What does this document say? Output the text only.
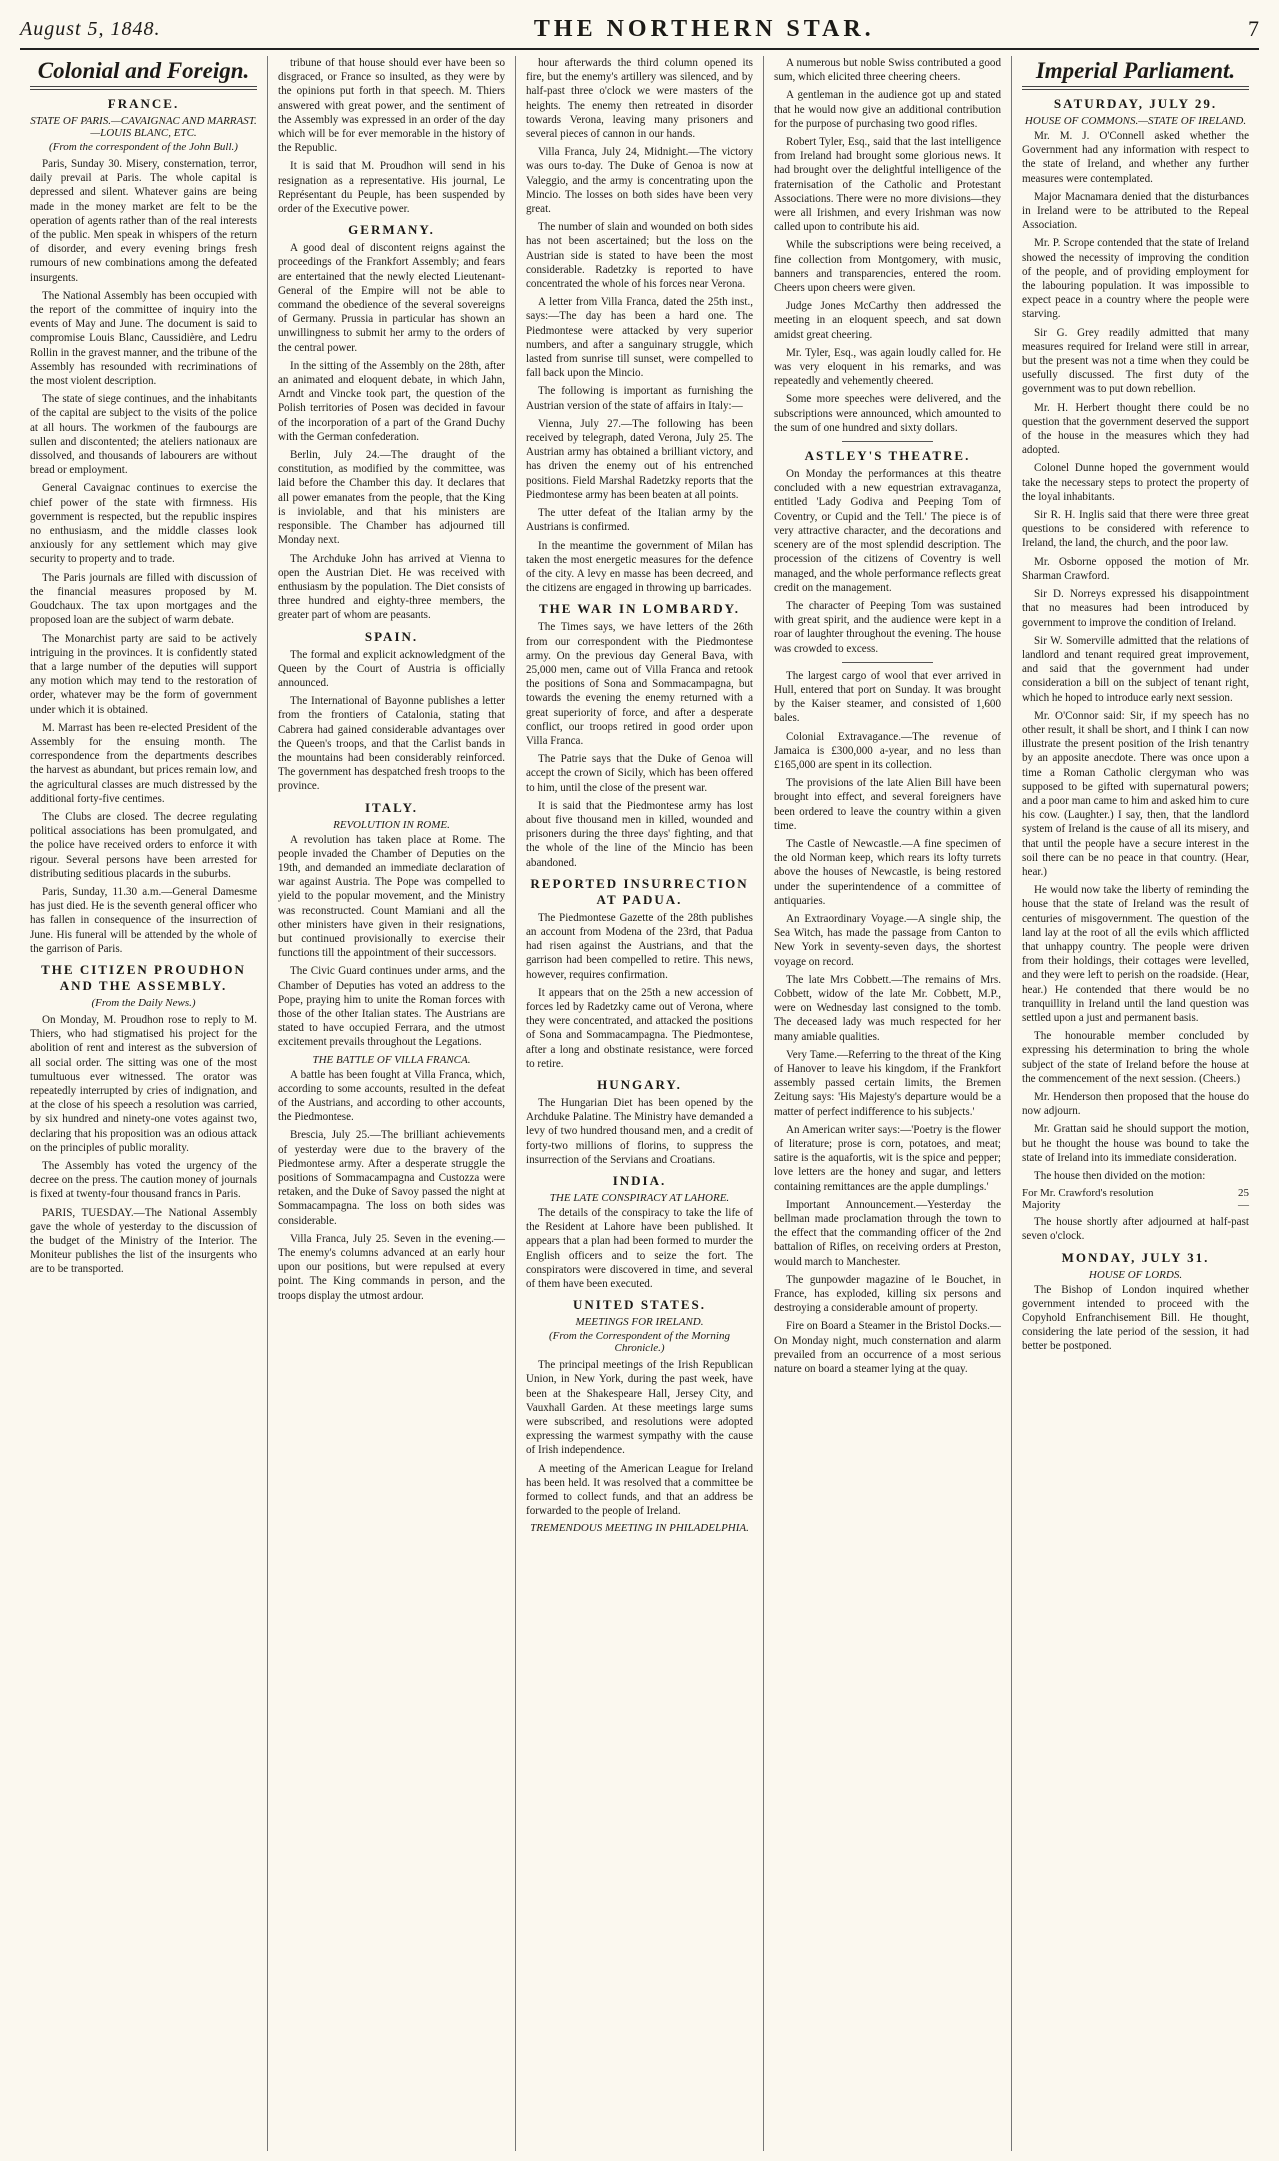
August 5, 1848.	THE NORTHERN STAR.	7
Colonial and Foreign.
FRANCE.
STATE OF PARIS.—CAVAIGNAC AND MARRAST.—LOUIS BLANC, ETC.
(From the correspondent of the John Bull.)

Paris, Sunday 30. Misery, consternation, terror, daily prevail at Paris. The whole capital is depressed and silent. Whatever gains are being made in the money market are felt to be the operation of agents rather than of the real interests of the public. Men speak in whispers of the return of disorder, and every evening brings fresh rumours of new combinations among the defeated insurgents.

The National Assembly has been occupied with the report of the committee of inquiry into the events of May and June. The document is said to compromise Louis Blanc, Caussidière, and Ledru Rollin in the gravest manner, and the tribune of the Assembly has resounded with recriminations of the most violent description.

The state of siege continues, and the inhabitants of the capital are subject to the visits of the police at all hours. The workmen of the faubourgs are sullen and discontented; the ateliers nationaux are dissolved, and thousands of labourers are without bread or employment.

General Cavaignac continues to exercise the chief power of the state with firmness. His government is respected, but the republic inspires no enthusiasm, and the middle classes look anxiously for any settlement which may give security to property and to trade.

The Paris journals are filled with discussion of the financial measures proposed by M. Goudchaux. The tax upon mortgages and the proposed loan are the subject of warm debate.

The Monarchist party are said to be actively intriguing in the provinces. It is confidently stated that a large number of the deputies will support any motion which may tend to the restoration of order, whatever may be the form of government under which it is obtained.

M. Marrast has been re-elected President of the Assembly for the ensuing month. The correspondence from the departments describes the harvest as abundant, but prices remain low, and the agricultural classes are much distressed by the additional forty-five centimes.

The Clubs are closed. The decree regulating political associations has been promulgated, and the police have received orders to enforce it with rigour. Several persons have been arrested for distributing seditious placards in the suburbs.

Paris, Sunday, 11.30 a.m.—General Damesme has just died. He is the seventh general officer who has fallen in consequence of the insurrection of June. His funeral will be attended by the whole of the garrison of Paris.

THE CITIZEN PROUDHON AND THE ASSEMBLY.
(From the Daily News.)

On Monday, M. Proudhon rose to reply to M. Thiers, who had stigmatised his project for the abolition of rent and interest as the subversion of all social order. The sitting was one of the most tumultuous ever witnessed. The orator was repeatedly interrupted by cries of indignation, and at the close of his speech a resolution was carried, by six hundred and ninety-one votes against two, declaring that his proposition was an odious attack on the principles of public morality.

The Assembly has voted the urgency of the decree on the press. The caution money of journals is fixed at twenty-four thousand francs in Paris.

PARIS, TUESDAY.—The National Assembly gave the whole of yesterday to the discussion of the budget of the Ministry of the Interior. The Moniteur publishes the list of the insurgents who are to be transported.

tribune of that house should ever have been so disgraced, or France so insulted, as they were by the opinions put forth in that speech. M. Thiers answered with great power, and the sentiment of the Assembly was expressed in an order of the day which will be for ever memorable in the history of the Republic.

It is said that M. Proudhon will send in his resignation as a representative. His journal, Le Représentant du Peuple, has been suspended by order of the Executive power.

GERMANY.

A good deal of discontent reigns against the proceedings of the Frankfort Assembly; and fears are entertained that the newly elected Lieutenant-General of the Empire will not be able to command the obedience of the several sovereigns of Germany. Prussia in particular has shown an unwillingness to submit her army to the orders of the central power.

In the sitting of the Assembly on the 28th, after an animated and eloquent debate, in which Jahn, Arndt and Vincke took part, the question of the Polish territories of Posen was decided in favour of the incorporation of a part of the Grand Duchy with the German confederation.

Berlin, July 24.—The draught of the constitution, as modified by the committee, was laid before the Chamber this day. It declares that all power emanates from the people, that the King is inviolable, and that his ministers are responsible. The Chamber has adjourned till Monday next.

The Archduke John has arrived at Vienna to open the Austrian Diet. He was received with enthusiasm by the population. The Diet consists of three hundred and eighty-three members, the greater part of whom are peasants.

SPAIN.

The formal and explicit acknowledgment of the Queen by the Court of Austria is officially announced.

The International of Bayonne publishes a letter from the frontiers of Catalonia, stating that Cabrera had gained considerable advantages over the Queen's troops, and that the Carlist bands in the mountains had been considerably reinforced. The government has despatched fresh troops to the province.

ITALY.
REVOLUTION IN ROME.

A revolution has taken place at Rome. The people invaded the Chamber of Deputies on the 19th, and demanded an immediate declaration of war against Austria. The Pope was compelled to yield to the popular movement, and the Ministry was reconstructed. Count Mamiani and all the other ministers have given in their resignations, but continued provisionally to exercise their functions till the appointment of their successors.

The Civic Guard continues under arms, and the Chamber of Deputies has voted an address to the Pope, praying him to unite the Roman forces with those of the other Italian states. The Austrians are stated to have occupied Ferrara, and the utmost excitement prevails throughout the Legations.

THE BATTLE OF VILLA FRANCA.

A battle has been fought at Villa Franca, which, according to some accounts, resulted in the defeat of the Austrians, and according to other accounts, the Piedmontese.

Brescia, July 25.—The brilliant achievements of yesterday were due to the bravery of the Piedmontese army. After a desperate struggle the positions of Sommacampagna and Custozza were retaken, and the Duke of Savoy passed the night at Sommacampagna. The loss on both sides was considerable.

Villa Franca, July 25. Seven in the evening.—The enemy's columns advanced at an early hour upon our positions, but were repulsed at every point. The King commands in person, and the troops display the utmost ardour.

hour afterwards the third column opened its fire, but the enemy's artillery was silenced, and by half-past three o'clock we were masters of the heights. The enemy then retreated in disorder towards Verona, leaving many prisoners and several pieces of cannon in our hands.

Villa Franca, July 24, Midnight.—The victory was ours to-day. The Duke of Genoa is now at Valeggio, and the army is concentrating upon the Mincio. The losses on both sides have been very great.

The number of slain and wounded on both sides has not been ascertained; but the loss on the Austrian side is stated to have been the most considerable. Radetzky is reported to have concentrated the whole of his forces near Verona.

A letter from Villa Franca, dated the 25th inst., says:—The day has been a hard one. The Piedmontese were attacked by very superior numbers, and after a sanguinary struggle, which lasted from sunrise till sunset, were compelled to fall back upon the Mincio.

The following is important as furnishing the Austrian version of the state of affairs in Italy:—

Vienna, July 27.—The following has been received by telegraph, dated Verona, July 25. The Austrian army has obtained a brilliant victory, and has driven the enemy out of his entrenched positions. Field Marshal Radetzky reports that the Piedmontese army has been beaten at all points.

The utter defeat of the Italian army by the Austrians is confirmed.

In the meantime the government of Milan has taken the most energetic measures for the defence of the city. A levy en masse has been decreed, and the citizens are engaged in throwing up barricades.

THE WAR IN LOMBARDY.

The Times says, we have letters of the 26th from our correspondent with the Piedmontese army. On the previous day General Bava, with 25,000 men, came out of Villa Franca and retook the positions of Sona and Sommacampagna, but towards the evening the enemy returned with a great superiority of force, and after a desperate conflict, our troops retired in good order upon Villa Franca.

The Patrie says that the Duke of Genoa will accept the crown of Sicily, which has been offered to him, until the close of the present war.

It is said that the Piedmontese army has lost about five thousand men in killed, wounded and prisoners during the three days' fighting, and that the whole of the line of the Mincio has been abandoned.

REPORTED INSURRECTION AT PADUA.

The Piedmontese Gazette of the 28th publishes an account from Modena of the 23rd, that Padua had risen against the Austrians, and that the garrison had been compelled to retire. This news, however, requires confirmation.

It appears that on the 25th a new accession of forces led by Radetzky came out of Verona, where they were concentrated, and attacked the positions of Sona and Sommacampagna. The Piedmontese, after a long and obstinate resistance, were forced to retire.

HUNGARY.

The Hungarian Diet has been opened by the Archduke Palatine. The Ministry have demanded a levy of two hundred thousand men, and a credit of forty-two millions of florins, to suppress the insurrection of the Servians and Croatians.

INDIA.
THE LATE CONSPIRACY AT LAHORE.

The details of the conspiracy to take the life of the Resident at Lahore have been published. It appears that a plan had been formed to murder the English officers and to seize the fort. The conspirators were discovered in time, and several of them have been executed.

UNITED STATES.
MEETINGS FOR IRELAND.
(From the Correspondent of the Morning Chronicle.)

The principal meetings of the Irish Republican Union, in New York, during the past week, have been at the Shakespeare Hall, Jersey City, and Vauxhall Garden. At these meetings large sums were subscribed, and resolutions were adopted expressing the warmest sympathy with the cause of Irish independence.

A meeting of the American League for Ireland has been held. It was resolved that a committee be formed to collect funds, and that an address be forwarded to the people of Ireland.

TREMENDOUS MEETING IN PHILADELPHIA.

A numerous but noble Swiss contributed a good sum, which elicited three cheering cheers.

A gentleman in the audience got up and stated that he would now give an additional contribution for the purpose of purchasing two good rifles.

Robert Tyler, Esq., said that the last intelligence from Ireland had brought some glorious news. It had brought over the delightful intelligence of the fraternisation of the Catholic and Protestant Associations. There were no more divisions—they were all Irishmen, and every Irishman was now called upon to contribute his aid.

While the subscriptions were being received, a fine collection from Montgomery, with music, banners and transparencies, entered the room. Cheers upon cheers were given.

Judge Jones McCarthy then addressed the meeting in an eloquent speech, and sat down amidst great cheering.

Mr. Tyler, Esq., was again loudly called for. He was very eloquent in his remarks, and was repeatedly and vehemently cheered.

Some more speeches were delivered, and the subscriptions were announced, which amounted to the sum of one hundred and sixty dollars.

ASTLEY'S THEATRE.

On Monday the performances at this theatre concluded with a new equestrian extravaganza, entitled 'Lady Godiva and Peeping Tom of Coventry, or Cupid and the Tell.' The piece is of very attractive character, and the decorations and scenery are of the most splendid description. The procession of the citizens of Coventry is well managed, and the whole performance reflects great credit on the management.

The character of Peeping Tom was sustained with great spirit, and the audience were kept in a roar of laughter throughout the evening. The house was crowded to excess.

The largest cargo of wool that ever arrived in Hull, entered that port on Sunday. It was brought by the Kaiser steamer, and consisted of 1,600 bales.

Colonial Extravagance.—The revenue of Jamaica is £300,000 a-year, and no less than £165,000 are spent in its collection.

The provisions of the late Alien Bill have been brought into effect, and several foreigners have been ordered to leave the country within a given time.

The Castle of Newcastle.—A fine specimen of the old Norman keep, which rears its lofty turrets above the houses of Newcastle, is being restored under the superintendence of a committee of antiquaries.

An Extraordinary Voyage.—A single ship, the Sea Witch, has made the passage from Canton to New York in seventy-seven days, the shortest voyage on record.

The late Mrs Cobbett.—The remains of Mrs. Cobbett, widow of the late Mr. Cobbett, M.P., were on Wednesday last consigned to the tomb. The deceased lady was much respected for her many amiable qualities.

Very Tame.—Referring to the threat of the King of Hanover to leave his kingdom, if the Frankfort assembly passed certain limits, the Bremen Zeitung says: 'His Majesty's departure would be a matter of perfect indifference to his subjects.'

An American writer says:—'Poetry is the flower of literature; prose is corn, potatoes, and meat; satire is the aquafortis, wit is the spice and pepper; love letters are the honey and sugar, and letters containing remittances are the apple dumplings.'

Important Announcement.—Yesterday the bellman made proclamation through the town to the effect that the commanding officer of the 2nd battalion of Rifles, on receiving orders at Preston, would march to Manchester.

The gunpowder magazine of le Bouchet, in France, has exploded, killing six persons and destroying a considerable amount of property.

Fire on Board a Steamer in the Bristol Docks.—On Monday night, much consternation and alarm prevailed from an occurrence of a most serious nature on board a steamer lying at the quay.

Imperial Parliament.
SATURDAY, JULY 29.
HOUSE OF COMMONS.—STATE OF IRELAND.

Mr. M. J. O'Connell asked whether the Government had any information with respect to the state of Ireland, and whether any further measures were contemplated.

Major Macnamara denied that the disturbances in Ireland were to be attributed to the Repeal Association.

Mr. P. Scrope contended that the state of Ireland showed the necessity of improving the condition of the people, and of providing employment for the labouring population. It was impossible to expect peace in a country where the people were starving.

Sir G. Grey readily admitted that many measures required for Ireland were still in arrear, but the present was not a time when they could be usefully discussed. The first duty of the government was to put down rebellion.

Mr. H. Herbert thought there could be no question that the government deserved the support of the house in the measures which they had adopted.

Colonel Dunne hoped the government would take the necessary steps to protect the property of the loyal inhabitants.

Sir R. H. Inglis said that there were three great questions to be considered with reference to Ireland, the land, the church, and the poor law.

Mr. Osborne opposed the motion of Mr. Sharman Crawford.

Sir D. Norreys expressed his disappointment that no measures had been introduced by government to improve the condition of Ireland.

Sir W. Somerville admitted that the relations of landlord and tenant required great improvement, and said that the government had under consideration a bill on the subject of tenant right, which he hoped to introduce early next session.

Mr. O'Connor said: Sir, if my speech has no other result, it shall be short, and I think I can now illustrate the present position of the Irish tenantry by an apposite anecdote. There was once upon a time a Roman Catholic clergyman who was supposed to be gifted with supernatural powers; and a poor man came to him and asked him to cure his cow. (Laughter.) I say, then, that the landlord system of Ireland is the cause of all its misery, and that until the people have a secure interest in the soil there can be no peace in that country. (Hear, hear.)

He would now take the liberty of reminding the house that the state of Ireland was the result of centuries of misgovernment. The question of the land lay at the root of all the evils which afflicted that unhappy country. The people were driven from their holdings, their cottages were levelled, and they were left to perish on the roadside. (Hear, hear.) He contended that there would be no tranquillity in Ireland until the land question was settled upon a just and permanent basis.

The honourable member concluded by expressing his determination to bring the whole subject of the state of Ireland before the house at the commencement of the next session. (Cheers.)

Mr. Henderson then proposed that the house do now adjourn.

Mr. Grattan said he should support the motion, but he thought the house was bound to take the state of Ireland into its immediate consideration.

The house then divided on the motion:

For Mr. Crawford's resolution	25
Majority	—

The house shortly after adjourned at half-past seven o'clock.

MONDAY, JULY 31.
HOUSE OF LORDS.

The Bishop of London inquired whether government intended to proceed with the Copyhold Enfranchisement Bill. He thought, considering the late period of the session, it had better be postponed.
